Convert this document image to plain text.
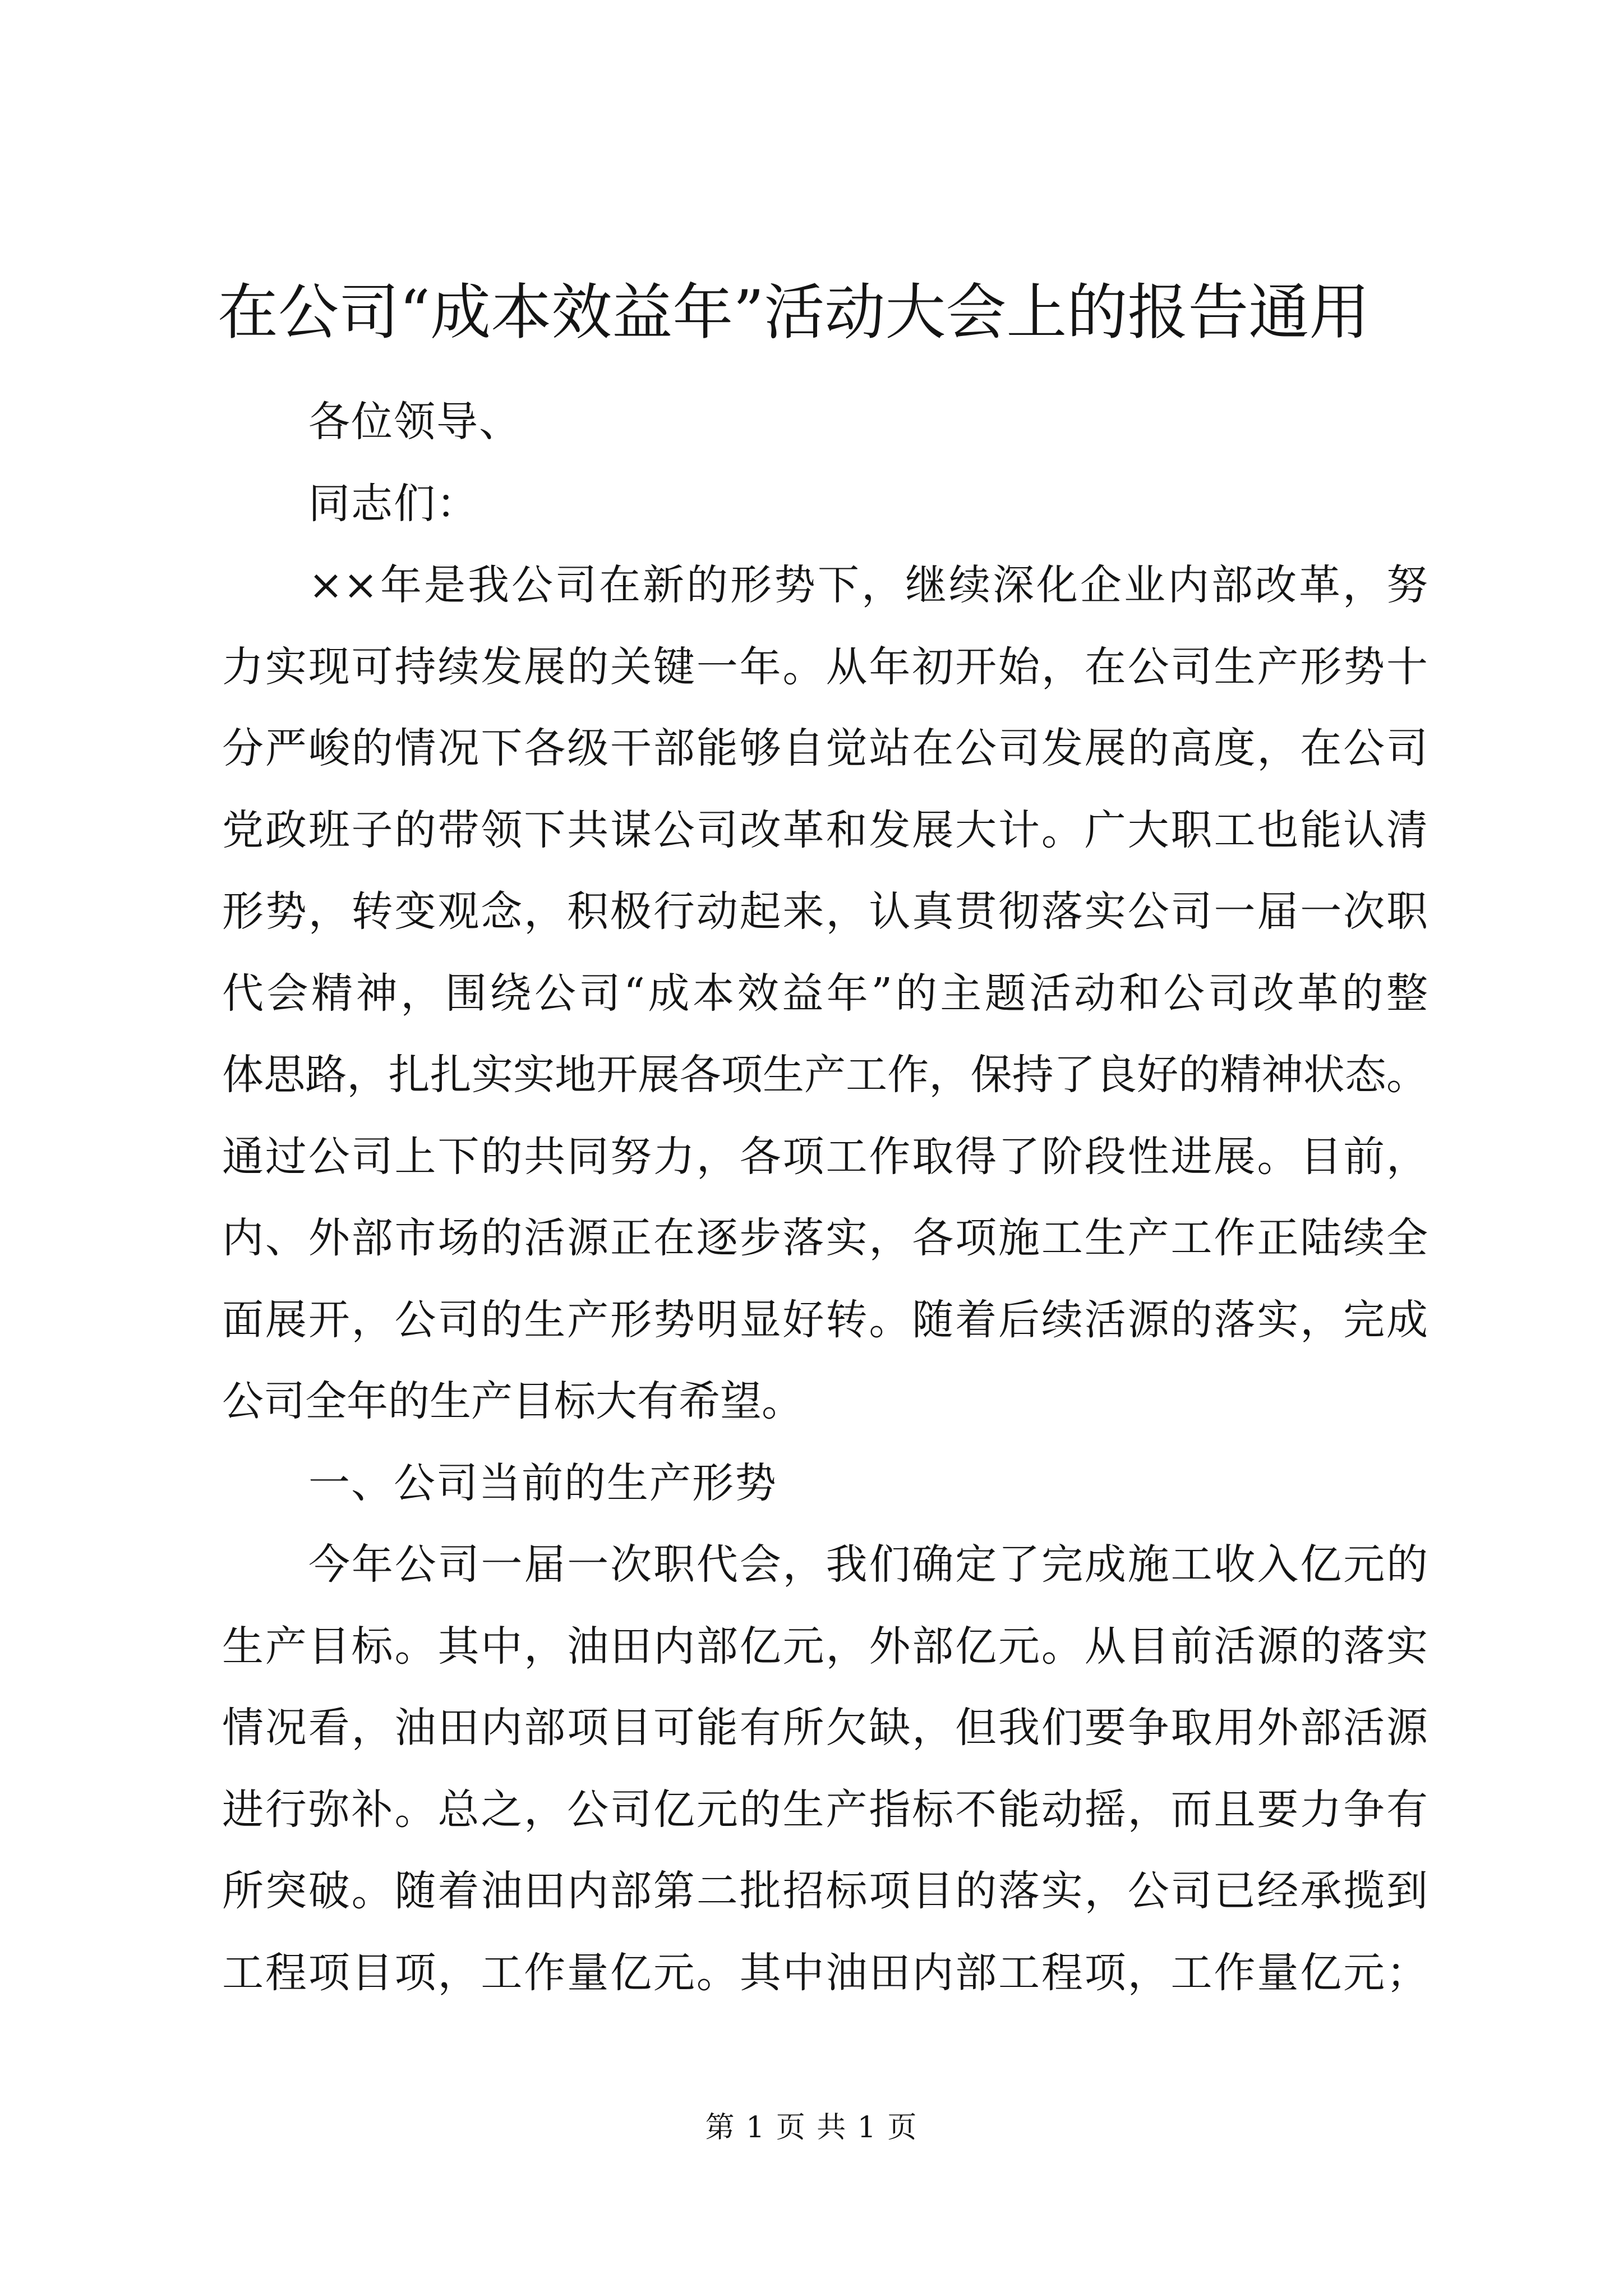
在公司“成本效益年”活动大会上的报告通用

各位领导、

同志们：

××年是我公司在新的形势下，继续深化企业内部改革，努
力实现可持续发展的关键一年。从年初开始，在公司生产形势十
分严峻的情况下各级干部能够自觉站在公司发展的高度，在公司
党政班子的带领下共谋公司改革和发展大计。广大职工也能认清
形势，转变观念，积极行动起来，认真贯彻落实公司一届一次职
代会精神，围绕公司“成本效益年”的主题活动和公司改革的整
体思路，扎扎实实地开展各项生产工作，保持了良好的精神状态。
通过公司上下的共同努力，各项工作取得了阶段性进展。目前，
内、外部市场的活源正在逐步落实，各项施工生产工作正陆续全
面展开，公司的生产形势明显好转。随着后续活源的落实，完成
公司全年的生产目标大有希望。

一、公司当前的生产形势

今年公司一届一次职代会，我们确定了完成施工收入亿元的
生产目标。其中，油田内部亿元，外部亿元。从目前活源的落实
情况看，油田内部项目可能有所欠缺，但我们要争取用外部活源
进行弥补。总之，公司亿元的生产指标不能动摇，而且要力争有
所突破。随着油田内部第二批招标项目的落实，公司已经承揽到
工程项目项，工作量亿元。其中油田内部工程项，工作量亿元；
第 1 页 共 1 页
